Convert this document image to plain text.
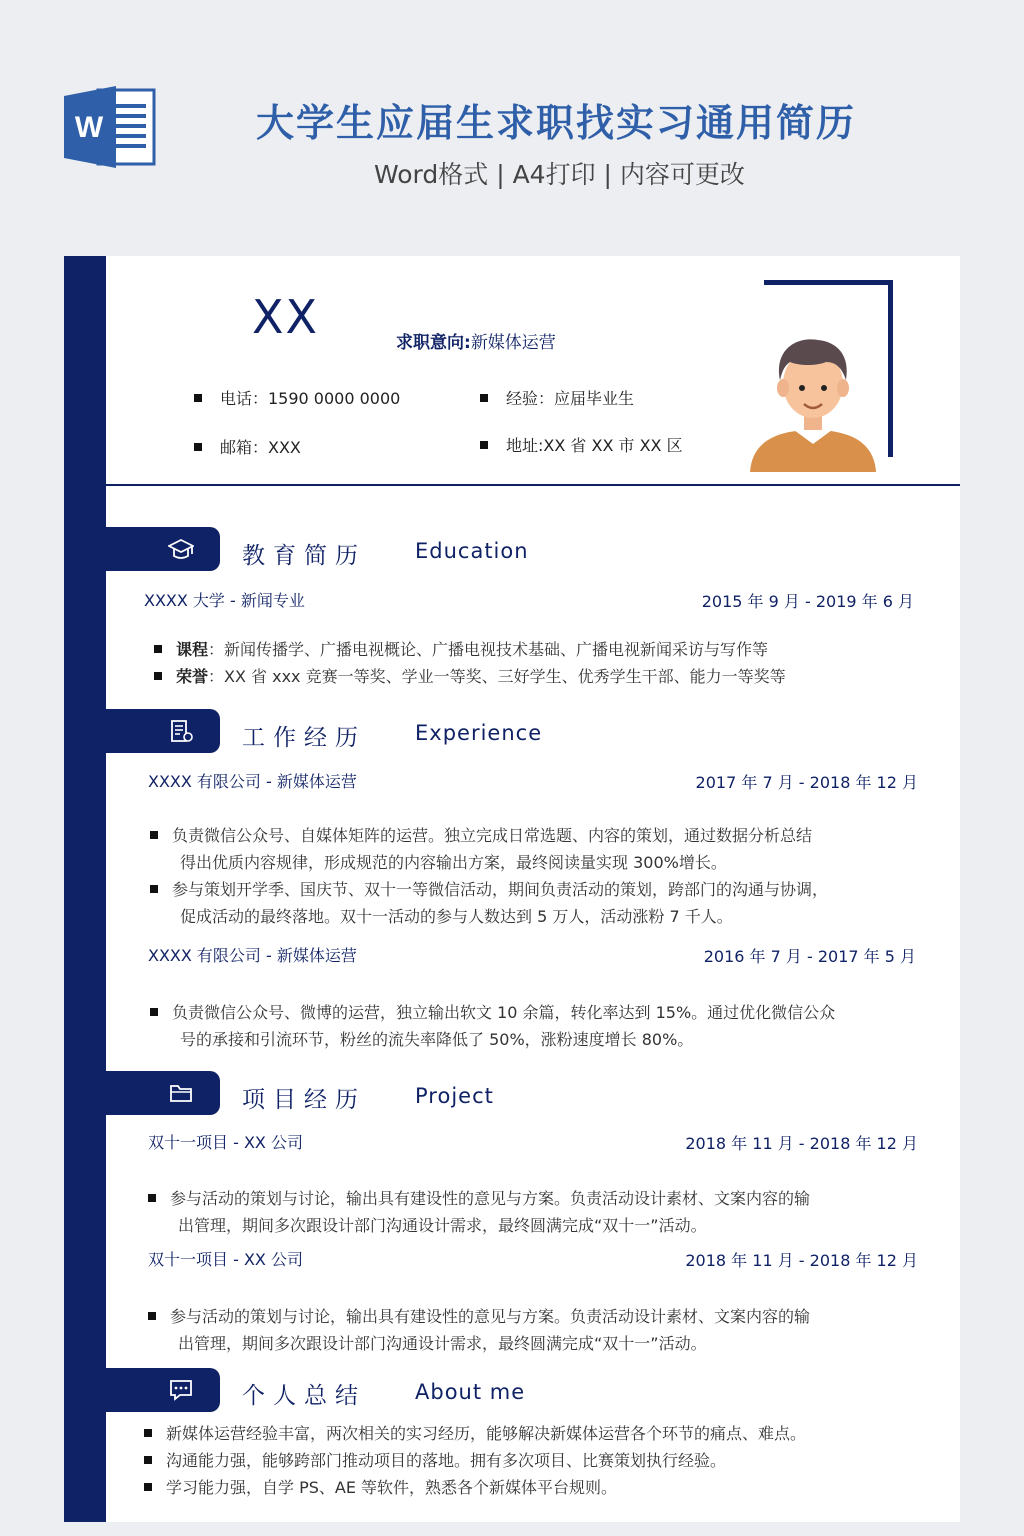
W	大学生应届生求职找实习通用简历
Word格式 | A4打印 | 内容可更改
XX	求职意向:新媒体运营
电话：1590 0000 0000
邮箱：XXX
经验：应届毕业生
地址:XX 省 XX 市 XX 区
教育简历 Education
XXXX 大学 - 新闻专业	2015 年 9 月 - 2019 年 6 月
课程：新闻传播学、广播电视概论、广播电视技术基础、广播电视新闻采访与写作等
荣誉：XX 省 xxx 竞赛一等奖、学业一等奖、三好学生、优秀学生干部、能力一等奖等
工作经历 Experience
XXXX 有限公司 - 新媒体运营	2017 年 7 月 - 2018 年 12 月
负责微信公众号、自媒体矩阵的运营。独立完成日常选题、内容的策划，通过数据分析总结
得出优质内容规律，形成规范的内容输出方案，最终阅读量实现 300%增长。
参与策划开学季、国庆节、双十一等微信活动，期间负责活动的策划，跨部门的沟通与协调，
促成活动的最终落地。双十一活动的参与人数达到 5 万人，活动涨粉 7 千人。
XXXX 有限公司 - 新媒体运营	2016 年 7 月 - 2017 年 5 月
负责微信公众号、微博的运营，独立输出软文 10 余篇，转化率达到 15%。通过优化微信公众
号的承接和引流环节，粉丝的流失率降低了 50%，涨粉速度增长 80%。
项目经历 Project
双十一项目 - XX 公司	2018 年 11 月 - 2018 年 12 月
参与活动的策划与讨论，输出具有建设性的意见与方案。负责活动设计素材、文案内容的输
出管理，期间多次跟设计部门沟通设计需求，最终圆满完成“双十一”活动。
双十一项目 - XX 公司	2018 年 11 月 - 2018 年 12 月
参与活动的策划与讨论，输出具有建设性的意见与方案。负责活动设计素材、文案内容的输
出管理，期间多次跟设计部门沟通设计需求，最终圆满完成“双十一”活动。
个人总结 About me
新媒体运营经验丰富，两次相关的实习经历，能够解决新媒体运营各个环节的痛点、难点。
沟通能力强，能够跨部门推动项目的落地。拥有多次项目、比赛策划执行经验。
学习能力强，自学 PS、AE 等软件，熟悉各个新媒体平台规则。
